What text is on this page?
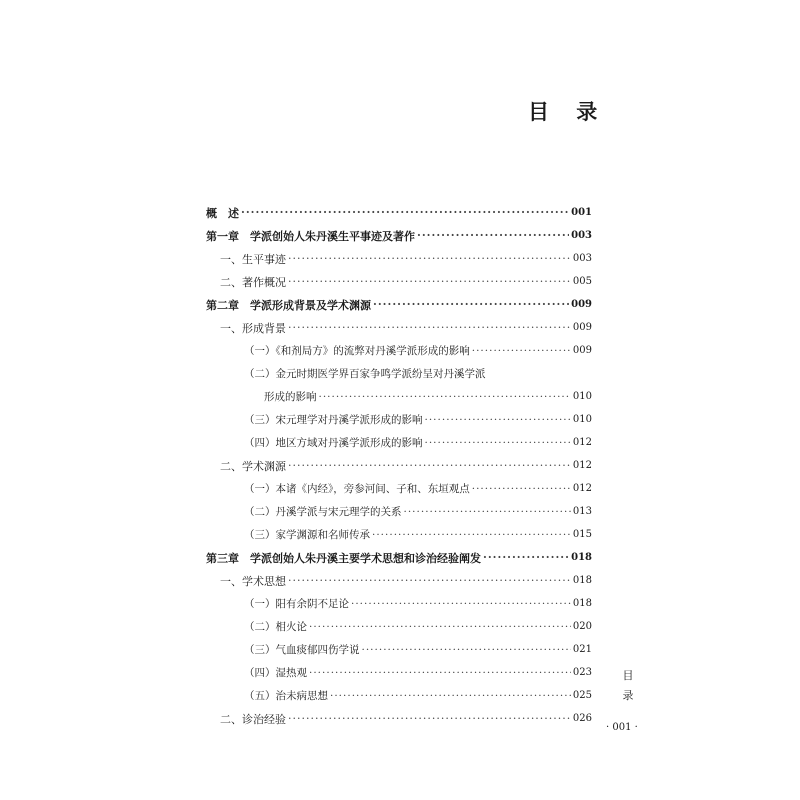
目 录
概　述 ·····	001
第一章　学派创始人朱丹溪生平事迹及著作 ·····	003
一、生平事迹 ·····	003
二、著作概况 ·····	005
第二章　学派形成背景及学术渊源 ·····	009
一、形成背景 ·····	009
（一）《和剂局方》的流弊对丹溪学派形成的影响 ·····	009
（二）金元时期医学界百家争鸣学派纷呈对丹溪学派
形成的影响 ·····	010
（三）宋元理学对丹溪学派形成的影响 ·····	010
（四）地区方域对丹溪学派形成的影响 ·····	012
二、学术渊源 ·····	012
（一）本诸《内经》，旁参河间、子和、东垣观点 ·····	012
（二）丹溪学派与宋元理学的关系 ·····	013
（三）家学渊源和名师传承 ·····	015
第三章　学派创始人朱丹溪主要学术思想和诊治经验阐发 ·····	018
一、学术思想 ·····	018
（一）阳有余阴不足论 ·····	018
（二）相火论 ·····	020
（三）气血痰郁四伤学说 ·····	021
（四）湿热观 ·····	023
（五）治未病思想 ·····	025
二、诊治经验 ·····	026
目
录
· 001 ·
